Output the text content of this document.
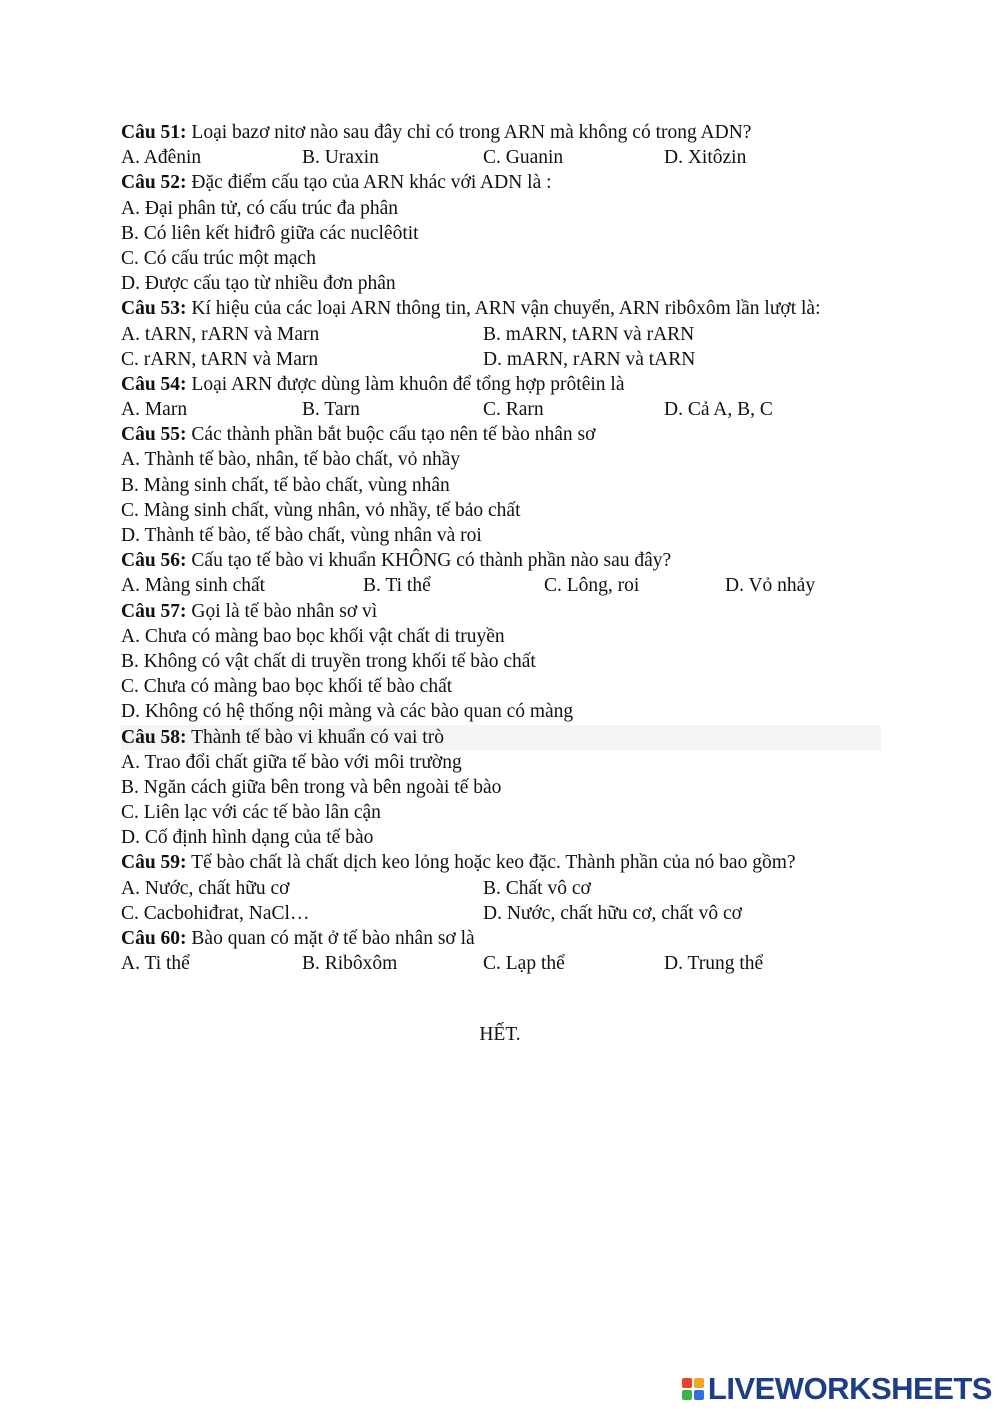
Câu 51: Loại bazơ nitơ nào sau đây chỉ có trong ARN mà không có trong ADN?
A. Ađênin	B. Uraxin	C. Guanin	D. Xitôzin
Câu 52: Đặc điểm cấu tạo của ARN khác với ADN là :
A. Đại phân tử, có cấu trúc đa phân
B. Có liên kết hiđrô giữa các nuclêôtit
C. Có cấu trúc một mạch
D. Được cấu tạo từ nhiều đơn phân
Câu 53: Kí hiệu của các loại ARN thông tin, ARN vận chuyển, ARN ribôxôm lần lượt là:
A. tARN, rARN và Marn	B. mARN, tARN và rARN
C. rARN, tARN và Marn	D. mARN, rARN và tARN
Câu 54: Loại ARN được dùng làm khuôn để tổng hợp prôtêin là
A. Marn	B. Tarn	C. Rarn	D. Cả A, B, C
Câu 55: Các thành phần bắt buộc cấu tạo nên tế bào nhân sơ
A. Thành tế bào, nhân, tế bào chất, vỏ nhầy
B. Màng sinh chất, tế bào chất, vùng nhân
C. Màng sinh chất, vùng nhân, vỏ nhầy, tế bảo chất
D. Thành tế bào, tế bào chất, vùng nhân và roi
Câu 56: Cấu tạo tế bào vi khuẩn KHÔNG có thành phần nào sau đây?
A. Màng sinh chất	B. Ti thể	C. Lông, roi	D. Vỏ nhảy
Câu 57: Gọi là tế bào nhân sơ vì
A. Chưa có màng bao bọc khối vật chất di truyền
B. Không có vật chất di truyền trong khối tế bào chất
C. Chưa có màng bao bọc khối tế bào chất
D. Không có hệ thống nội màng và các bào quan có màng
Câu 58: Thành tế bào vi khuẩn có vai trò
A. Trao đổi chất giữa tế bào với môi trường
B. Ngăn cách giữa bên trong và bên ngoài tế bào
C. Liên lạc với các tế bào lân cận
D. Cố định hình dạng của tế bào
Câu 59: Tế bào chất là chất dịch keo lỏng hoặc keo đặc. Thành phần của nó bao gồm?
A. Nước, chất hữu cơ	B. Chất vô cơ
C. Cacbohiđrat, NaCl…	D. Nước, chất hữu cơ, chất vô cơ
Câu 60: Bào quan có mặt ở tế bào nhân sơ là
A. Ti thể	B. Ribôxôm	C. Lạp thể	D. Trung thể
HẾT.
LIVEWORKSHEETS
